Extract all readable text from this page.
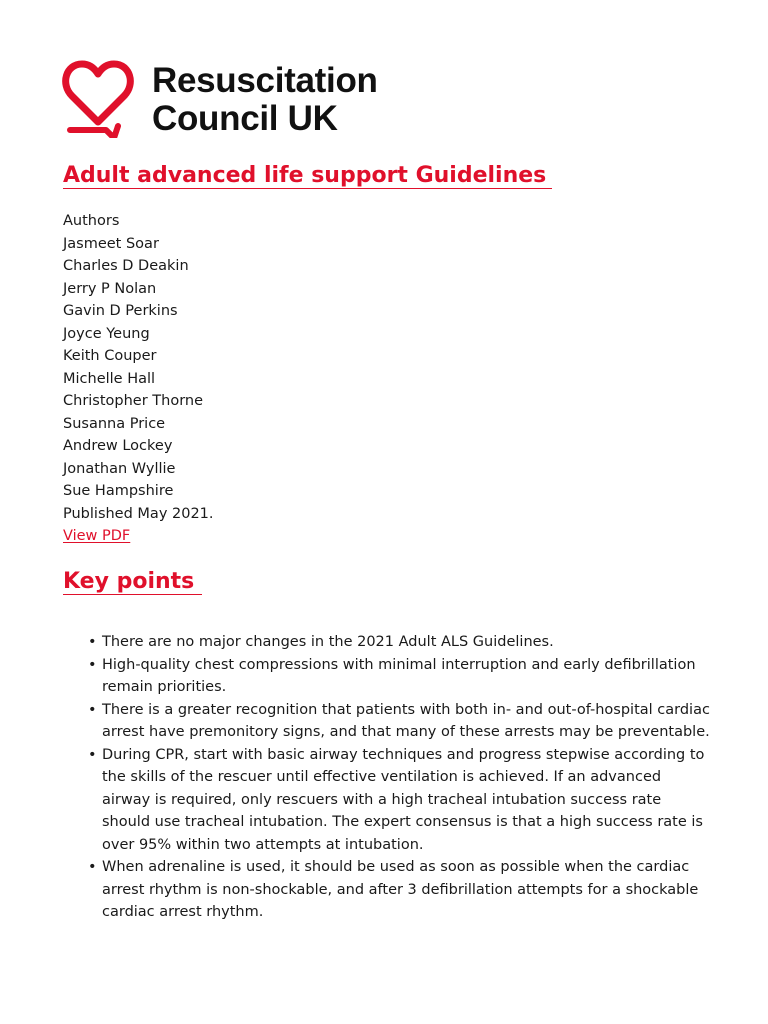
Resuscitation
Council UK
Adult advanced life support Guidelines
Authors
Jasmeet Soar
Charles D Deakin
Jerry P Nolan
Gavin D Perkins
Joyce Yeung
Keith Couper
Michelle Hall
Christopher Thorne
Susanna Price
Andrew Lockey
Jonathan Wyllie
Sue Hampshire
Published May 2021.
View PDF
Key points
• There are no major changes in the 2021 Adult ALS Guidelines.
• High-quality chest compressions with minimal interruption and early defibrillation remain priorities.
• There is a greater recognition that patients with both in- and out-of-hospital cardiac arrest have premonitory signs, and that many of these arrests may be preventable.
• During CPR, start with basic airway techniques and progress stepwise according to the skills of the rescuer until effective ventilation is achieved. If an advanced airway is required, only rescuers with a high tracheal intubation success rate should use tracheal intubation. The expert consensus is that a high success rate is over 95% within two attempts at intubation.
• When adrenaline is used, it should be used as soon as possible when the cardiac arrest rhythm is non-shockable, and after 3 defibrillation attempts for a shockable cardiac arrest rhythm.
